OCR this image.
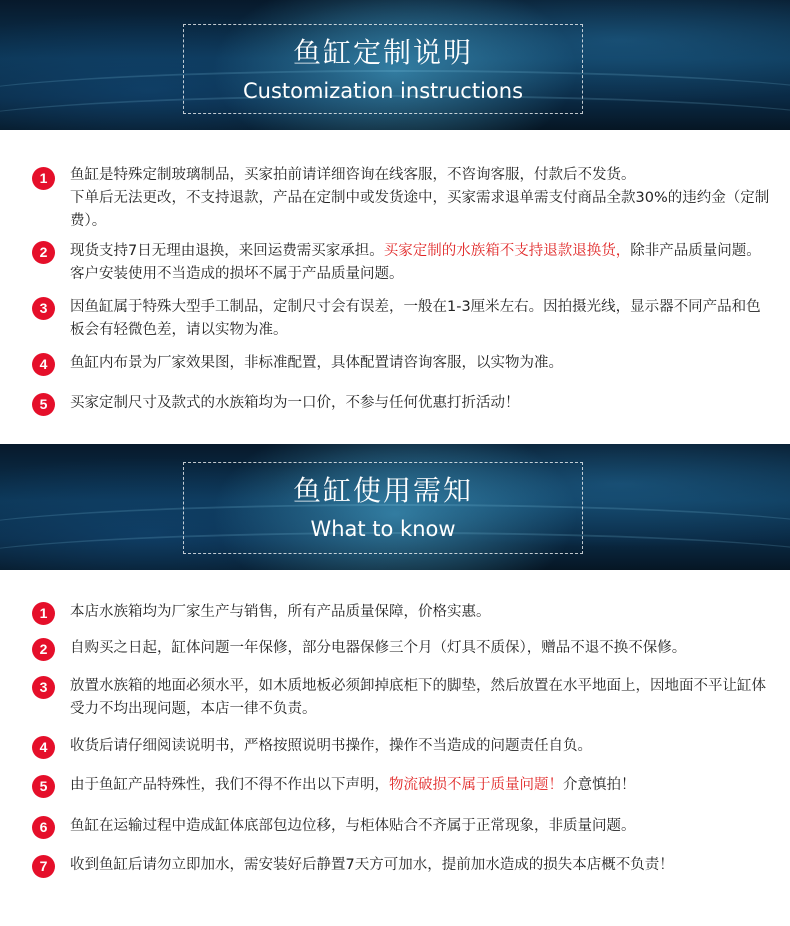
鱼缸定制说明
Customization instructions
1	鱼缸是特殊定制玻璃制品，买家拍前请详细咨询在线客服，不咨询客服，付款后不发货。
下单后无法更改，不支持退款，产品在定制中或发货途中，买家需求退单需支付商品全款30%的违约金（定制费）。
2	现货支持7日无理由退换，来回运费需买家承担。买家定制的水族箱不支持退款退换货，除非产品质量问题。客户安装使用不当造成的损坏不属于产品质量问题。
3	因鱼缸属于特殊大型手工制品，定制尺寸会有误差，一般在1-3厘米左右。因拍摄光线，显示器不同产品和色板会有轻微色差，请以实物为准。
4	鱼缸内布景为厂家效果图，非标准配置，具体配置请咨询客服，以实物为准。
5	买家定制尺寸及款式的水族箱均为一口价，不参与任何优惠打折活动！
鱼缸使用需知
What to know
1	本店水族箱均为厂家生产与销售，所有产品质量保障，价格实惠。
2	自购买之日起，缸体问题一年保修，部分电器保修三个月（灯具不质保），赠品不退不换不保修。
3	放置水族箱的地面必须水平，如木质地板必须卸掉底柜下的脚垫，然后放置在水平地面上，因地面不平让缸体受力不均出现问题，本店一律不负责。
4	收货后请仔细阅读说明书，严格按照说明书操作，操作不当造成的问题责任自负。
5	由于鱼缸产品特殊性，我们不得不作出以下声明，物流破损不属于质量问题！介意慎拍！
6	鱼缸在运输过程中造成缸体底部包边位移，与柜体贴合不齐属于正常现象，非质量问题。
7	收到鱼缸后请勿立即加水，需安装好后静置7天方可加水，提前加水造成的损失本店概不负责！
